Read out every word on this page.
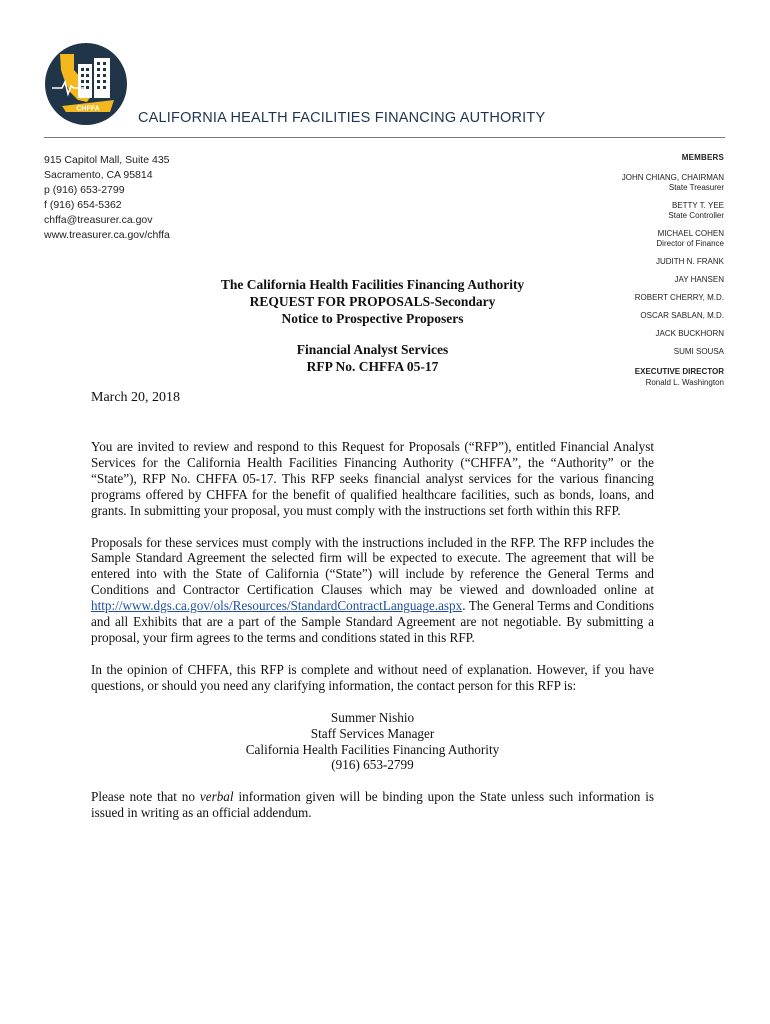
CHFFA
CALIFORNIA HEALTH FACILITIES FINANCING AUTHORITY
915 Capitol Mall, Suite 435
Sacramento, CA 95814
p (916) 653-2799
f (916) 654-5362
chffa@treasurer.ca.gov
www.treasurer.ca.gov/chffa
MEMBERS
JOHN CHIANG, CHAIRMAN
State Treasurer
BETTY T. YEE
State Controller
MICHAEL COHEN
Director of Finance
JUDITH N. FRANK
JAY HANSEN
ROBERT CHERRY, M.D.
OSCAR SABLAN, M.D.
JACK BUCKHORN
SUMI SOUSA
EXECUTIVE DIRECTOR
Ronald L. Washington
The California Health Facilities Financing Authority
REQUEST FOR PROPOSALS-Secondary
Notice to Prospective Proposers
Financial Analyst Services
RFP No. CHFFA 05-17
March 20, 2018

You are invited to review and respond to this Request for Proposals (“RFP”), entitled Financial Analyst Services for the California Health Facilities Financing Authority (“CHFFA”, the “Authority” or the “State”), RFP No. CHFFA 05-17. This RFP seeks financial analyst services for the various financing programs offered by CHFFA for the benefit of qualified healthcare facilities, such as bonds, loans, and grants. In submitting your proposal, you must comply with the instructions set forth within this RFP.

Proposals for these services must comply with the instructions included in the RFP. The RFP includes the Sample Standard Agreement the selected firm will be expected to execute. The agreement that will be entered into with the State of California (“State”) will include by reference the General Terms and Conditions and Contractor Certification Clauses which may be viewed and downloaded online at http://www.dgs.ca.gov/ols/Resources/StandardContractLanguage.aspx. The General Terms and Conditions and all Exhibits that are a part of the Sample Standard Agreement are not negotiable. By submitting a proposal, your firm agrees to the terms and conditions stated in this RFP.

In the opinion of CHFFA, this RFP is complete and without need of explanation. However, if you have questions, or should you need any clarifying information, the contact person for this RFP is:

Summer Nishio
Staff Services Manager
California Health Facilities Financing Authority
(916) 653-2799

Please note that no verbal information given will be binding upon the State unless such information is issued in writing as an official addendum.
